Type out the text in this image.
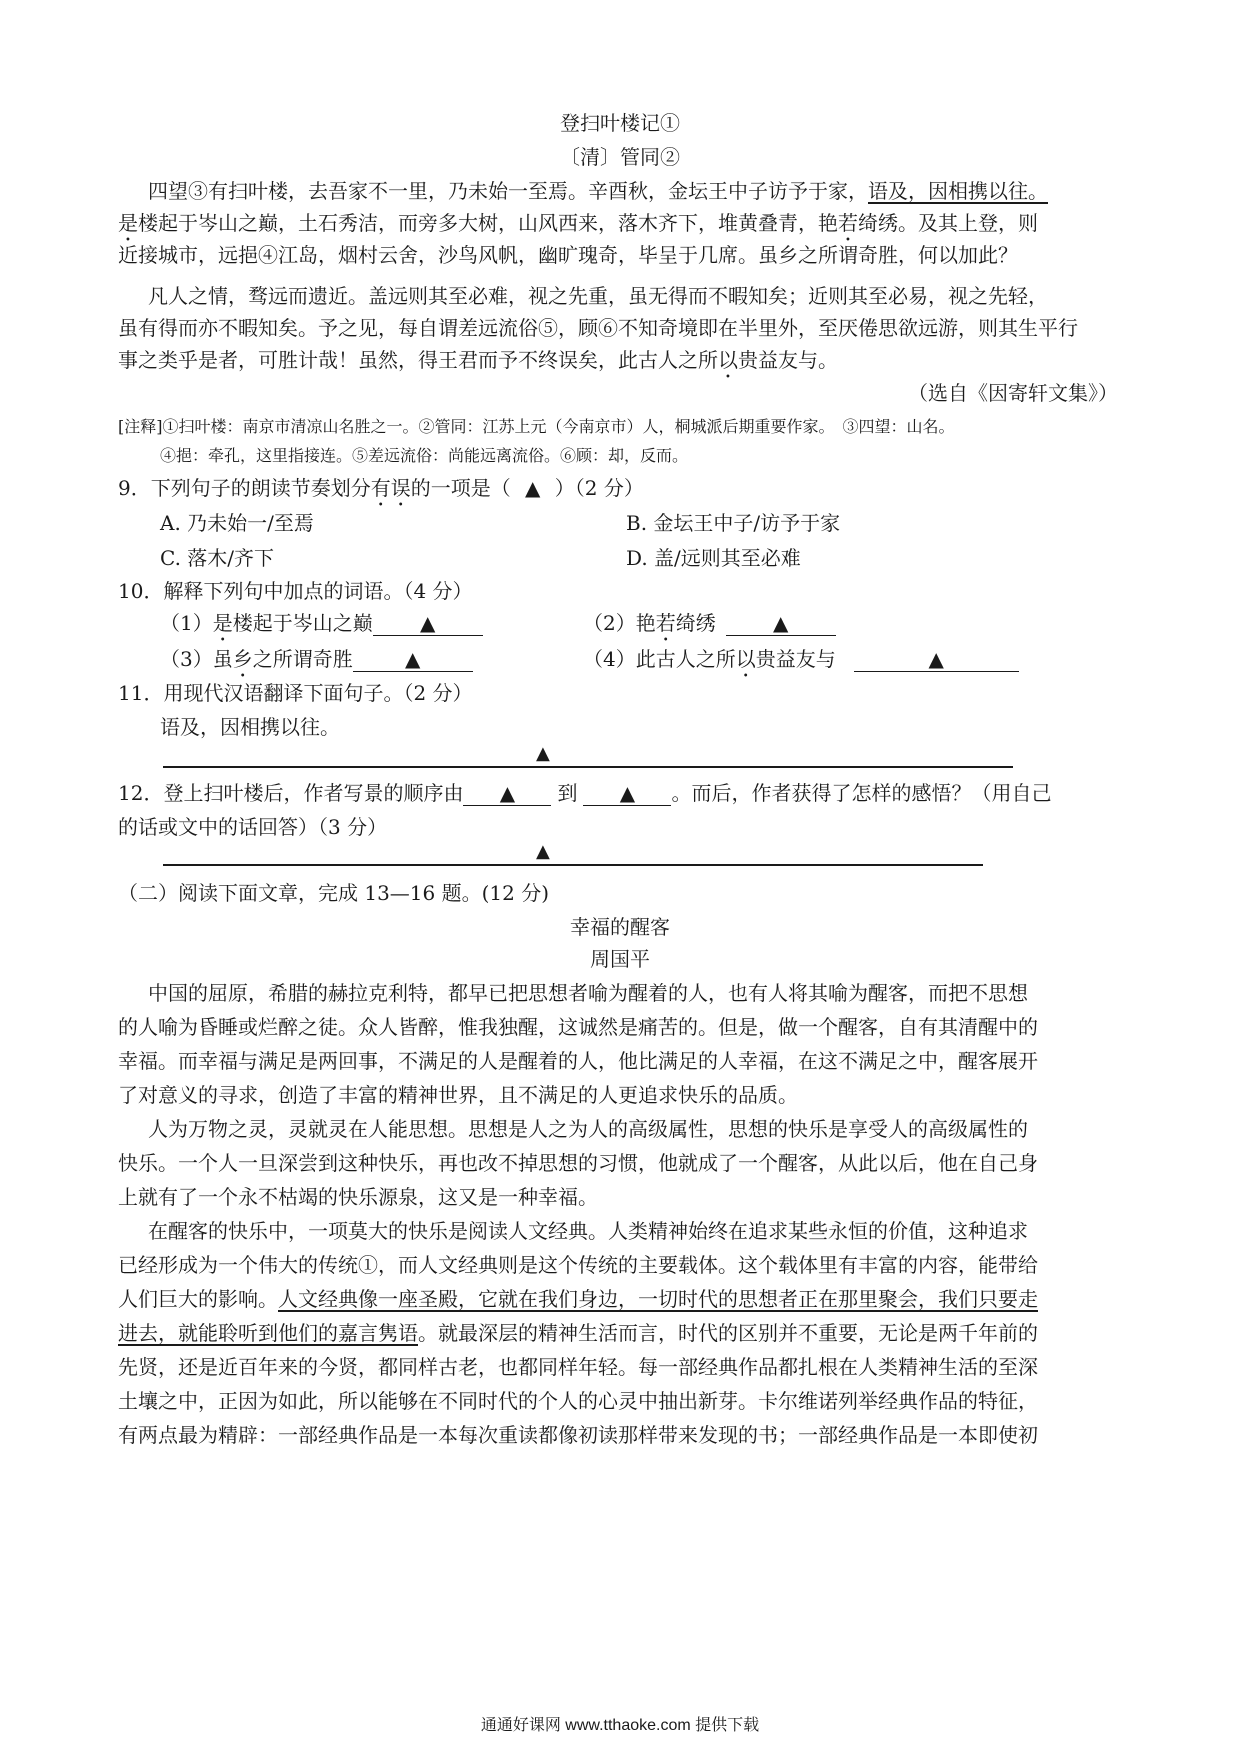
登扫叶楼记①
〔清〕管同②
四望③有扫叶楼，去吾家不一里，乃未始一至焉。辛酉秋，金坛王中子访予于家，语及，因相携以往。
是楼起于岑山之巅，土石秀洁，而旁多大树，山风西来，落木齐下，堆黄叠青，艳若绮绣。及其上登，则
近接城市，远挹④江岛，烟村云舍，沙鸟风帆，幽旷瑰奇，毕呈于几席。虽乡之所谓奇胜，何以加此？
凡人之情，骛远而遗近。盖远则其至必难，视之先重，虽无得而不暇知矣；近则其至必易，视之先轻，
虽有得而亦不暇知矣。予之见，每自谓差远流俗⑤，顾⑥不知奇境即在半里外，至厌倦思欲远游，则其生平行
事之类乎是者，可胜计哉！虽然，得王君而予不终误矣，此古人之所以贵益友与。
（选自《因寄轩文集》）
[注释]①扫叶楼：南京市清凉山名胜之一。②管同：江苏上元（今南京市）人，桐城派后期重要作家。　③四望：山名。
④挹：牵孔，这里指接连。⑤差远流俗：尚能远离流俗。⑥顾：却，反而。
9．下列句子的朗读节奏划分有误的一项是（ ▲ ）（2 分）
A. 乃未始一/至焉	B. 金坛王中子/访予于家
C. 落木/齐下	D. 盖/远则其至必难
10．解释下列句中加点的词语。（4 分）
（1）是楼起于岑山之巅 ▲	（2）艳若绮绣	▲
（3）虽乡之所谓奇胜	▲	（4）此古人之所以贵益友与	▲
11．用现代汉语翻译下面句子。（2 分）
语及，因相携以往。
▲
12．登上扫叶楼后，作者写景的顺序由 ▲ 到 ▲ 。而后，作者获得了怎样的感悟？（用自己
的话或文中的话回答）（3 分）
▲
（二）阅读下面文章，完成 13—16 题。(12 分)
幸福的醒客
周国平
中国的屈原，希腊的赫拉克利特，都早已把思想者喻为醒着的人，也有人将其喻为醒客，而把不思想
的人喻为昏睡或烂醉之徒。众人皆醉，惟我独醒，这诚然是痛苦的。但是，做一个醒客，自有其清醒中的
幸福。而幸福与满足是两回事，不满足的人是醒着的人，他比满足的人幸福，在这不满足之中，醒客展开
了对意义的寻求，创造了丰富的精神世界，且不满足的人更追求快乐的品质。
人为万物之灵，灵就灵在人能思想。思想是人之为人的高级属性，思想的快乐是享受人的高级属性的
快乐。一个人一旦深尝到这种快乐，再也改不掉思想的习惯，他就成了一个醒客，从此以后，他在自己身
上就有了一个永不枯竭的快乐源泉，这又是一种幸福。
在醒客的快乐中，一项莫大的快乐是阅读人文经典。人类精神始终在追求某些永恒的价值，这种追求
已经形成为一个伟大的传统①，而人文经典则是这个传统的主要载体。这个载体里有丰富的内容，能带给
人们巨大的影响。人文经典像一座圣殿，它就在我们身边，一切时代的思想者正在那里聚会，我们只要走
进去，就能聆听到他们的嘉言隽语。就最深层的精神生活而言，时代的区别并不重要，无论是两千年前的
先贤，还是近百年来的今贤，都同样古老，也都同样年轻。每一部经典作品都扎根在人类精神生活的至深
土壤之中，正因为如此，所以能够在不同时代的个人的心灵中抽出新芽。卡尔维诺列举经典作品的特征，
有两点最为精辟：一部经典作品是一本每次重读都像初读那样带来发现的书；一部经典作品是一本即使初
通通好课网 www.tthaoke.com 提供下载
